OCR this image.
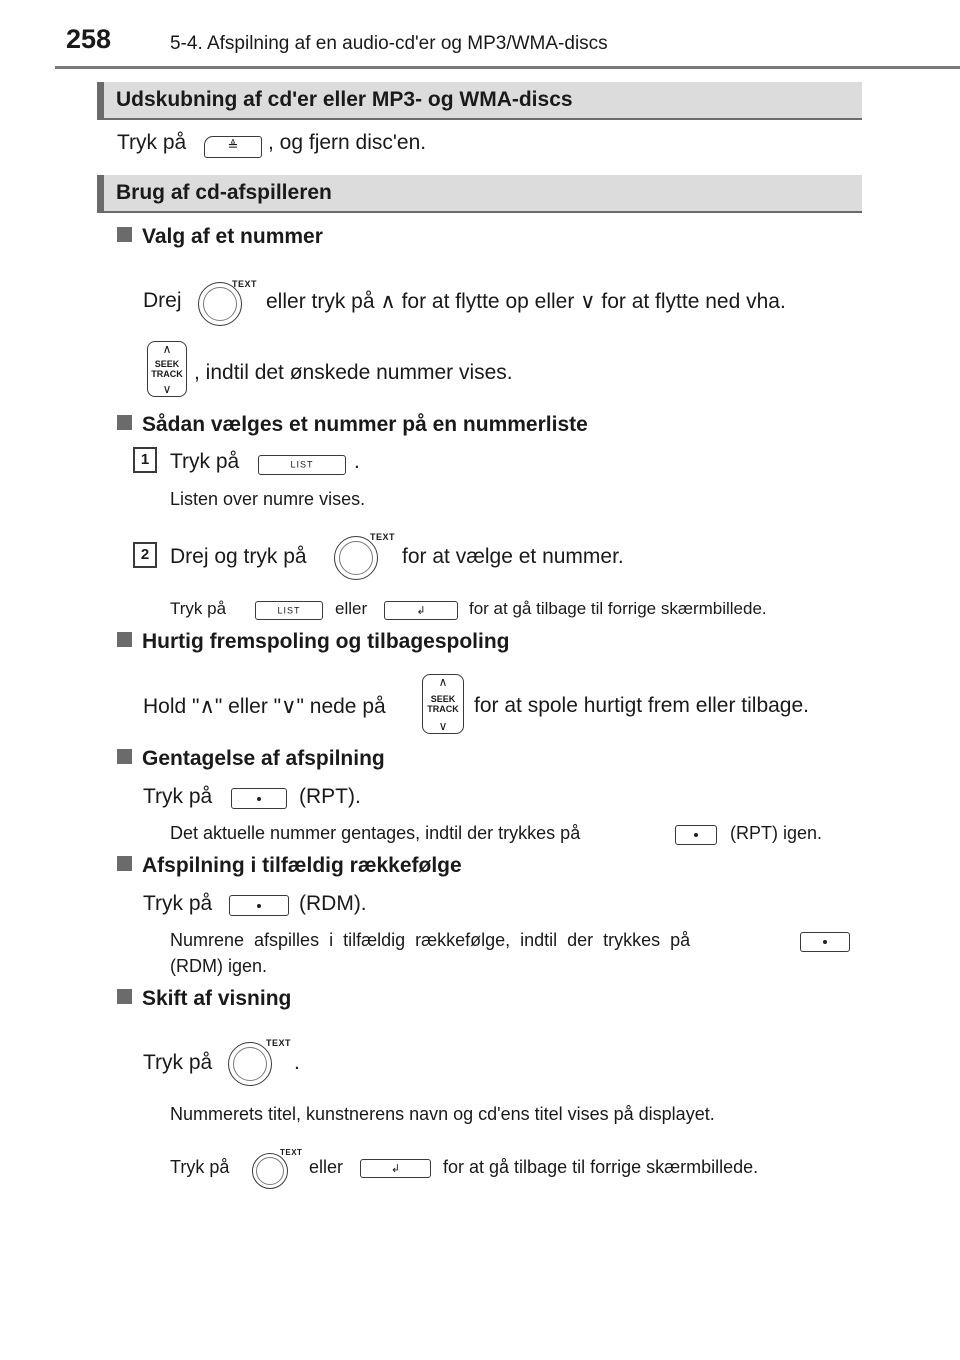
258	5-4. Afspilning af en audio-cd'er og MP3/WMA-discs
Udskubning af cd'er eller MP3- og WMA-discs
Tryk på	≜	, og fjern disc'en.
Brug af cd-afspilleren
Valg af et nummer
Drej
TEXT
eller tryk på ∧ for at flytte op eller ∨ for at flytte ned vha.
∧
SEEK
TRACK
∨
, indtil det ønskede nummer vises.
Sådan vælges et nummer på en nummerliste
1 Tryk på	LIST	.
Listen over numre vises.
2 Drej og tryk på
TEXT
for at vælge et nummer.
Tryk på	LIST	eller	↲	for at gå tilbage til forrige skærmbillede.
Hurtig fremspoling og tilbagespoling
Hold "∧" eller "∨" nede på
∧
SEEK
TRACK
∨
for at spole hurtigt frem eller tilbage.
Gentagelse af afspilning
Tryk på	(RPT).
Det aktuelle nummer gentages, indtil der trykkes på	(RPT) igen.
Afspilning i tilfældig rækkefølge
Tryk på	(RDM).
Numrene  afspilles  i  tilfældig  rækkefølge,  indtil  der  trykkes  på
(RDM) igen.
Skift af visning
Tryk på
TEXT
.
Nummerets titel, kunstnerens navn og cd'ens titel vises på displayet.
Tryk på
TEXT
eller	↲	for at gå tilbage til forrige skærmbillede.
